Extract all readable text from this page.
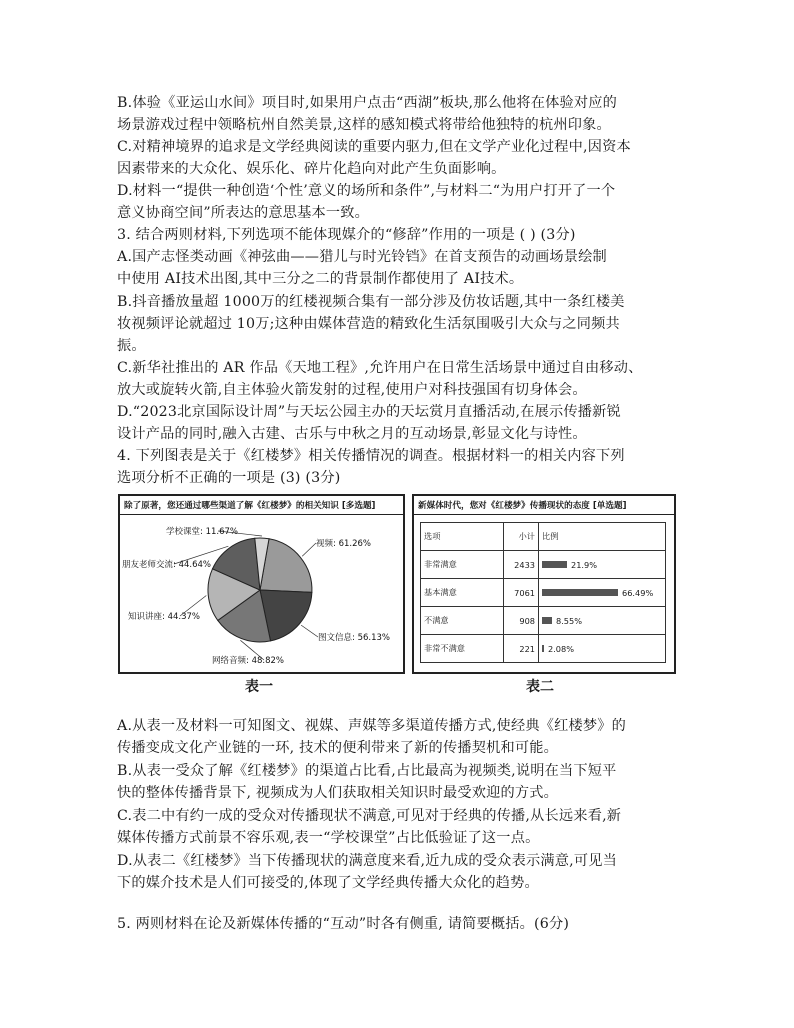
B.体验《亚运山水间》项目时,如果用户点击“西湖”板块,那么他将在体验对应的
场景游戏过程中领略杭州自然美景,这样的感知模式将带给他独特的杭州印象。
C.对精神境界的追求是文学经典阅读的重要内驱力,但在文学产业化过程中,因资本
因素带来的大众化、娱乐化、碎片化趋向对此产生负面影响。
D.材料一“提供一种创造‘个性’意义的场所和条件”,与材料二“为用户打开了一个
意义协商空间”所表达的意思基本一致。
3. 结合两则材料,下列选项不能体现媒介的“修辞”作用的一项是 ( ) (3分)
A.国产志怪类动画《神弦曲——猎儿与时光铃铛》在首支预告的动画场景绘制
中使用 AI技术出图,其中三分之二的背景制作都使用了 AI技术。
B.抖音播放量超 1000万的红楼视频合集有一部分涉及仿妆话题,其中一条红楼美
妆视频评论就超过 10万;这种由媒体营造的精致化生活氛围吸引大众与之同频共
振。
C.新华社推出的 AR 作品《天地工程》,允许用户在日常生活场景中通过自由移动、
放大或旋转火箭,自主体验火箭发射的过程,使用户对科技强国有切身体会。
D.“2023北京国际设计周”与天坛公园主办的天坛赏月直播活动,在展示传播新锐
设计产品的同时,融入古建、古乐与中秋之月的互动场景,彰显文化与诗性。
4. 下列图表是关于《红楼梦》相关传播情况的调查。根据材料一的相关内容下列
选项分析不正确的一项是 (3) (3分)
除了原著，您还通过哪些渠道了解《红楼梦》的相关知识 [多选题]
视频: 61.26%
图文信息: 56.13%
网络音频: 48.82%
知识讲座: 44.37%
朋友老师交流: 44.64%
学校课堂: 11.67%
表一
新媒体时代，您对《红楼梦》传播现状的态度 [单选题]
选项	小计	比例
非常满意	2433	21.9%

基本满意	7061	66.49%

不满意	908	8.55%

非常不满意	221	2.08%
表二
A.从表一及材料一可知图文、视媒、声媒等多渠道传播方式,使经典《红楼梦》的
传播变成文化产业链的一环, 技术的便利带来了新的传播契机和可能。
B.从表一受众了解《红楼梦》的渠道占比看,占比最高为视频类,说明在当下短平
快的整体传播背景下, 视频成为人们获取相关知识时最受欢迎的方式。
C.表二中有约一成的受众对传播现状不满意,可见对于经典的传播,从长远来看,新
媒体传播方式前景不容乐观,表一“学校课堂”占比低验证了这一点。
D.从表二《红楼梦》当下传播现状的满意度来看,近九成的受众表示满意,可见当
下的媒介技术是人们可接受的,体现了文学经典传播大众化的趋势。
5. 两则材料在论及新媒体传播的“互动”时各有侧重, 请简要概括。(6分)
